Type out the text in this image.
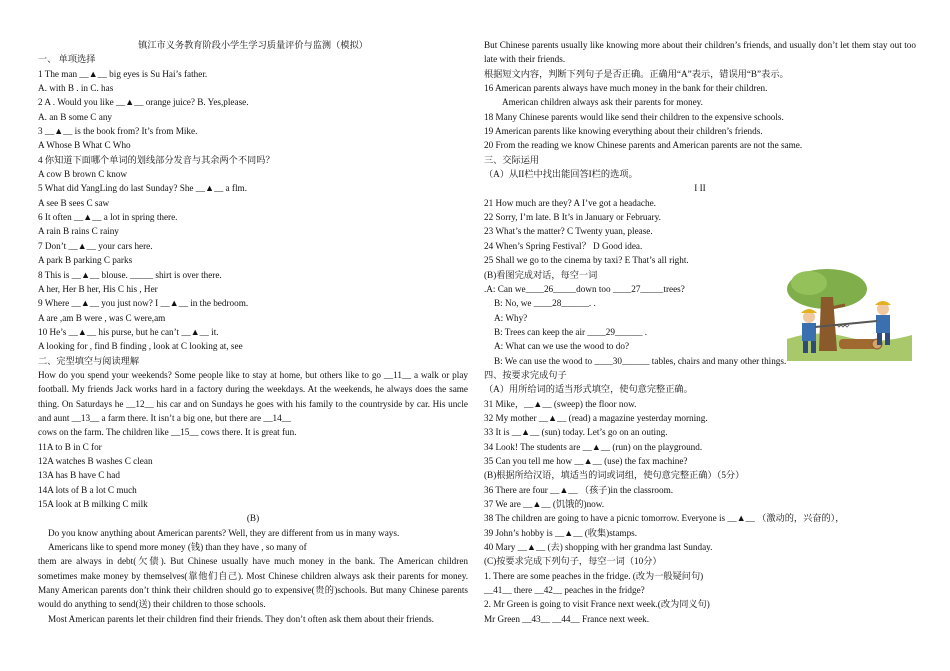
镇江市义务教育阶段小学生学习质量评价与监测（模拟）
一、 单项选择
1 The man __▲__ big eyes is Su Hai’s father.
A. with B . in C. has
2 A . Would you like __▲__ orange juice? B. Yes,please.
A. an B some C any
3 __▲__ is the book from? It’s from Mike.
A Whose B What C Who
4 你知道下面哪个单词的划线部分发音与其余两个不同吗？
A cow B brown C know
5 What did YangLing do last Sunday? She __▲__ a flm.
A see B sees C saw
6 It often __▲__ a lot in spring there.
A rain B rains C rainy
7 Don’t __▲__ your cars here.
A park B parking C parks
8 This is __▲__ blouse. _____ shirt is over there.
A her, Her B her, His C his , Her
9 Where __▲__ you just now? I __▲__ in the bedroom.
A are ,am B were , was C were,am
10 He’s __▲__ his purse, but he can’t __▲__ it.
A looking for , find B finding , look at C looking at, see
二、完型填空与阅读理解
How do you spend your weekends? Some people like to stay at home, but others like to go __11__ a walk or play football. My friends Jack works hard in a factory during the weekdays. At the weekends, he always does the same thing. On Saturdays he __12__ his car and on Sundays he goes with his family to the countryside by car. His uncle and aunt __13__ a farm there. It isn’t a big one, but there are __14__
cows on the farm. The children like __15__ cows there. It is great fun.
11A to B in C for
12A watches B washes C clean
13A has B have C had
14A lots of B a lot C much
15A look at B milking C milk
(B)
Do you know anything about American parents? Well, they are different from us in many ways.
Americans like to spend more money (钱) than they have , so many of
them are always in debt(欠债). But Chinese usually have much money in the bank. The American children sometimes make money by themselves(靠他们自己). Most Chinese children always ask their parents for money. Many American parents don’t think their children should go to expensive(贵的)schools. But many Chinese parents would do anything to send(送) their children to those schools.
Most American parents let their children find their friends. They don’t often ask them about their friends.
But Chinese parents usually like knowing more about their children’s friends, and usually don’t let them stay out too late with their friends.
根据短文内容，判断下列句子是否正确。正确用“A”表示，错误用“B”表示。
16 American parents always have much money in the bank for their children.
American children always ask their parents for money.
18 Many Chinese parents would like send their children to the expensive schools.
19 American parents like knowing everything about their children’s friends.
20 From the reading we know Chinese parents and American parents are not the same.
三、交际运用
（A）从II栏中找出能回答I栏的选项。
I II
21 How much are they? A I’ve got a headache.
22 Sorry, I’m late. B It’s in January or February.
23 What’s the matter? C Twenty yuan, please.
24 When’s Spring Festival？ D Good idea.
25 Shall we go to the cinema by taxi? E That’s all right.
(B)看图完成对话，每空一词
.A: Can we____26_____down too ____27_____trees?
B: No, we ____28______. .
A: Why?
B: Trees can keep the air ____29______ .
A: What can we use the wood to do?
B: We can use the wood to ____30______ tables, chairs and many other things.
四、按要求完成句子
（A）用所给词的适当形式填空，使句意完整正确。
31 Mike，__▲__ (sweep) the floor now.
32 My mother __▲__ (read) a magazine yesterday morning.
33 It is __▲__ (sun) today. Let’s go on an outing.
34 Look! The students are __▲__ (run) on the playground.
35 Can you tell me how __▲__ (use) the fax machine?
(B)根据所给汉语，填适当的词或词组，使句意完整正确）（5分）
36 There are four __▲__ （孩子)in the classroom.
37 We are __▲__ (饥饿的)now.
38 The children are going to have a picnic tomorrow. Everyone is __▲__ （激动的，兴奋的），
39 John’s hobby is __▲__ (收集)stamps.
40 Mary __▲__ (去) shopping with her grandma last Sunday.
(C)按要求完成下列句子，每空一词（10分）
1. There are some peaches in the fridge. (改为一般疑问句)
__41__ there __42__ peaches in the fridge?
2. Mr Green is going to visit France next week.(改为同义句)
Mr Green __43__ __44__ France next week.
